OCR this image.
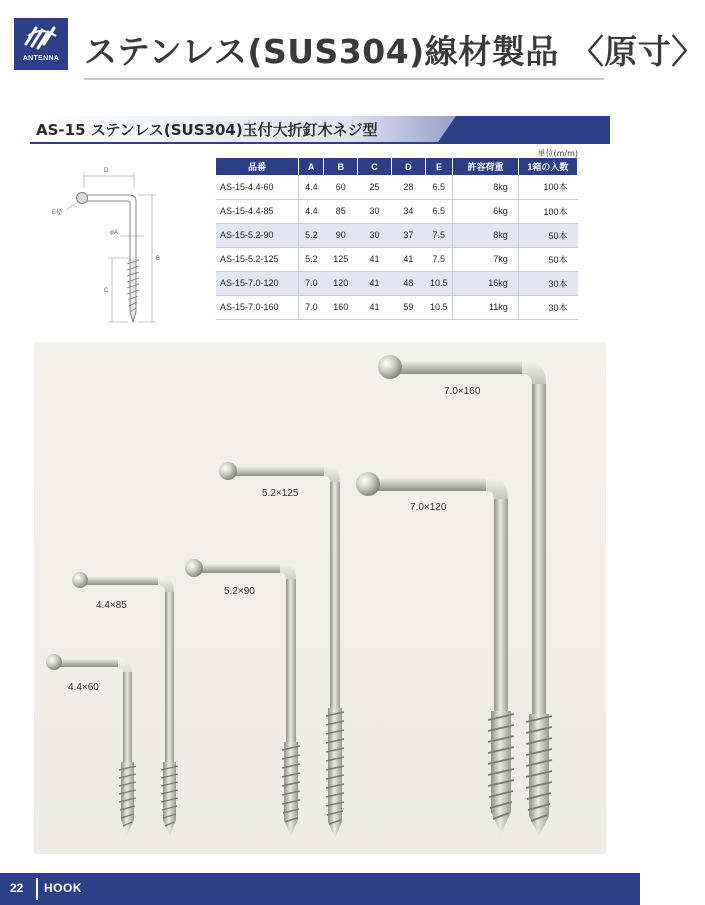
ANTENNA ステンレス(SUS304)線材製品 〈原寸〉
AS-15 ステンレス(SUS304)玉付大折釘木ネジ型
単位(m/m)
D
E径
φA
B
C
品番	A	B	C	D	E	許容荷重	1箱の入数
AS-15-4.4-60	4.4	60	25	28	6.5	8kg	100本
AS-15-4.4-85	4.4	85	30	34	6.5	6kg	100本
AS-15-5.2-90	5.2	90	30	37	7.5	8kg	50本
AS-15-5.2-125	5.2	125	41	41	7.5	7kg	50本
AS-15-7.0-120	7.0	120	41	48	10.5	16kg	30本
AS-15-7.0-160	7.0	160	41	59	10.5	11kg	30本
4.4×60
4.4×85
5.2×90
5.2×125
7.0×120
7.0×160
22 HOOK
